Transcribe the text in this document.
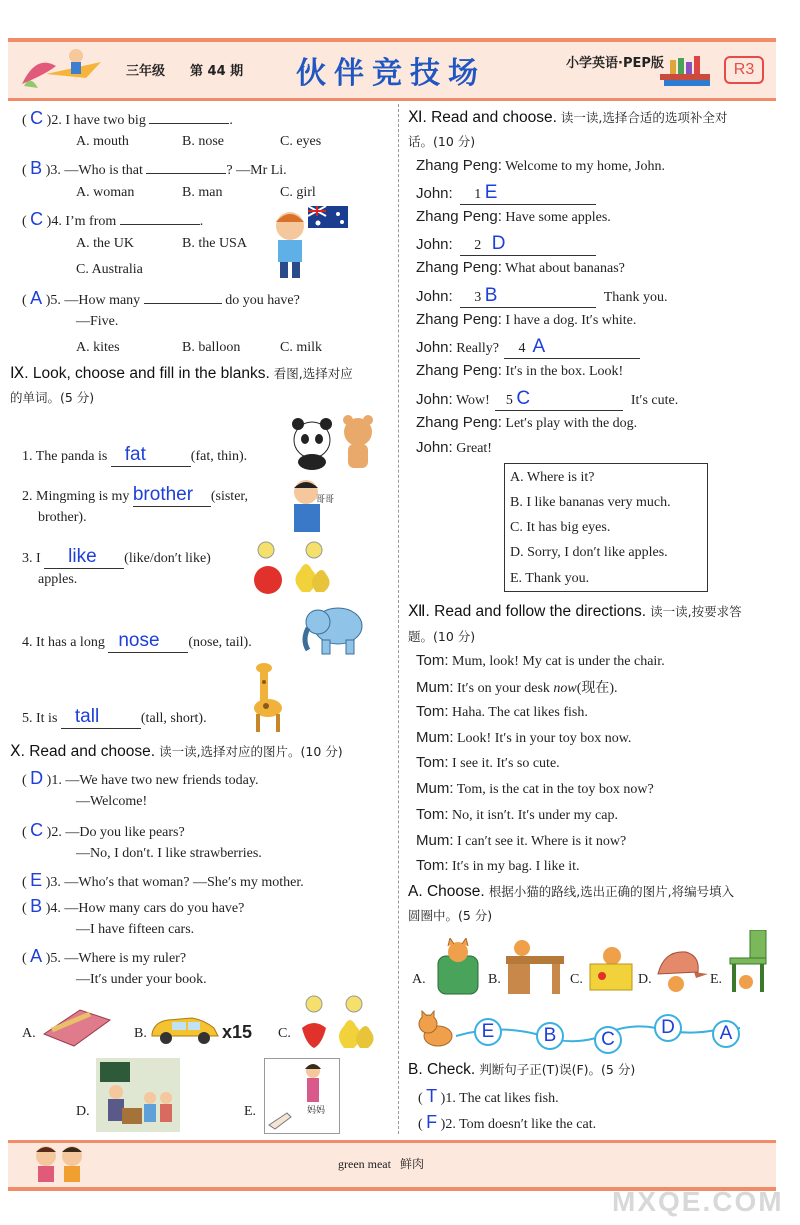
三年级 第 44 期 伙伴竞技场	小学英语·PEP版	R3
( C )2. I have two big	.
A. mouth	B. nose	C. eyes
( B )3. —Who is that	? —Mr Li.
A. woman	B. man	C. girl
( C )4. I’m from	.
A. the UK	B. the USA
C. Australia
( A )5. —How many	do you have?
—Five.
A. kites	B. balloon	C. milk
Ⅸ. Look, choose and fill in the blanks. 看图,选择对应
的单词。(5 分)
1. The panda is fat	(fat, thin).
2. Mingming is my brother (sister,
brother).
哥哥
3. I like (like/don′t like)
apples.
4. It has a long nose (nose, tail).
5. It is tall	(tall, short).
Ⅹ. Read and choose. 读一读,选择对应的图片。(10 分)
( D )1. —We have two new friends today.
—Welcome!
( C )2. —Do you like pears?
—No, I don′t. I like strawberries.
( E )3. —Who′s that woman? —She′s my mother.
( B )4. —How many cars do you have?
—I have fifteen cars.
( A )5. —Where is my ruler?
—It′s under your book.
A.	B.	x15 C.
D.	E.	妈妈
Ⅺ. Read and choose. 读一读,选择合适的选项补全对
话。(10 分)
Zhang Peng: Welcome to my home, John.
John: 1 E
Zhang Peng: Have some apples.
John: 2 D
Zhang Peng: What about bananas?
John: 3 B	Thank you.
Zhang Peng: I have a dog. It′s white.
John: Really? 4 A
Zhang Peng: It′s in the box. Look!
John: Wow! 5 C	It′s cute.
Zhang Peng: Let′s play with the dog.
John: Great!
A. Where is it?
B. I like bananas very much.
C. It has big eyes.
D. Sorry, I don′t like apples.
E. Thank you.
Ⅻ. Read and follow the directions. 读一读,按要求答
题。(10 分)
Tom: Mum, look! My cat is under the chair.
Mum: It′s on your desk now(现在).
Tom: Haha. The cat likes fish.
Mum: Look! It′s in your toy box now.
Tom: I see it. It′s so cute.
Mum: Tom, is the cat in the toy box now?
Tom: No, it isn′t. It′s under my cap.
Mum: I can′t see it. Where is it now?
Tom: It′s in my bag. I like it.
A. Choose. 根据小猫的路线,选出正确的图片,将编号填入
圆圈中。(5 分)
A.	B.	C.	D.	E.
E	B	C
D	A
B. Check. 判断句子正(T)误(F)。(5 分)
( T )1. The cat likes fish.
( F )2. Tom doesn′t like the cat.
green meat 鲜肉
MXQE.COM
